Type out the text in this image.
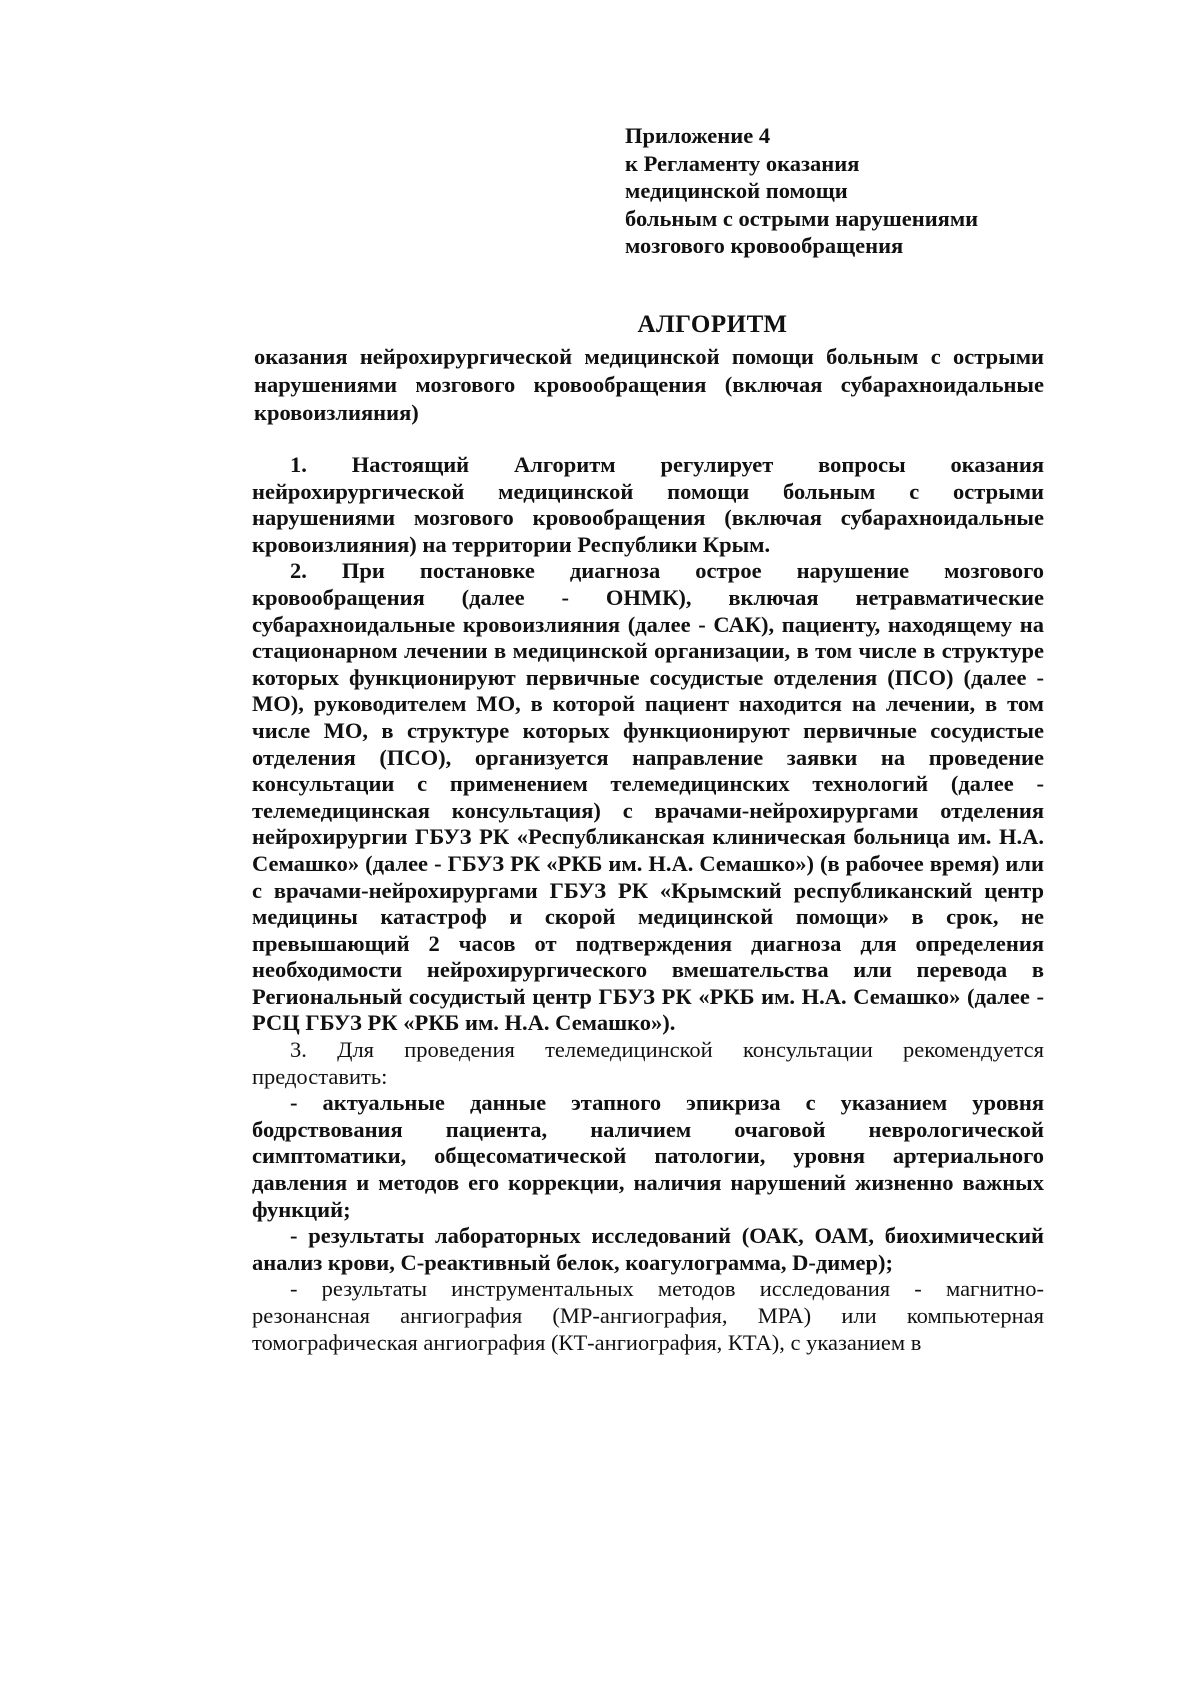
Приложение 4
к Регламенту оказания
медицинской помощи
больным с острыми нарушениями
мозгового кровообращения
АЛГОРИТМ
оказания нейрохирургической медицинской помощи больным с острыми нарушениями мозгового кровообращения (включая субарахноидальные кровоизлияния)

1. Настоящий Алгоритм регулирует вопросы оказания нейрохирургической медицинской помощи больным с острыми нарушениями мозгового кровообращения (включая субарахноидальные кровоизлияния) на территории Республики Крым.

2. При постановке диагноза острое нарушение мозгового кровообращения (далее - ОНМК), включая нетравматические субарахноидальные кровоизлияния (далее - САК), пациенту, находящему на стационарном лечении в медицинской организации, в том числе в структуре которых функционируют первичные сосудистые отделения (ПСО) (далее - МО), руководителем МО, в которой пациент находится на лечении, в том числе МО, в структуре которых функционируют первичные сосудистые отделения (ПСО), организуется направление заявки на проведение консультации с применением телемедицинских технологий (далее - телемедицинская консультация) с врачами-нейрохирургами отделения нейрохирургии ГБУЗ РК «Республиканская клиническая больница им. Н.А. Семашко» (далее - ГБУЗ РК «РКБ им. Н.А. Семашко») (в рабочее время) или с врачами-нейрохирургами ГБУЗ РК «Крымский республиканский центр медицины катастроф и скорой медицинской помощи» в срок, не превышающий 2 часов от подтверждения диагноза для определения необходимости нейрохирургического вмешательства или перевода в Региональный сосудистый центр ГБУЗ РК «РКБ им. Н.А. Семашко» (далее - РСЦ ГБУЗ РК «РКБ им. Н.А. Семашко»).

3. Для проведения телемедицинской консультации рекомендуется предоставить:

- актуальные данные этапного эпикриза с указанием уровня бодрствования пациента, наличием очаговой неврологической симптоматики, общесоматической патологии, уровня артериального давления и методов его коррекции, наличия нарушений жизненно важных функций;

- результаты лабораторных исследований (ОАК, ОАМ, биохимический анализ крови, С-реактивный белок, коагулограмма, D-димер);

- результаты инструментальных методов исследования - магнитно-резонансная ангиография (МР-ангиография, МРА) или компьютерная томографическая ангиография (КТ-ангиография, КТА), с указанием в
